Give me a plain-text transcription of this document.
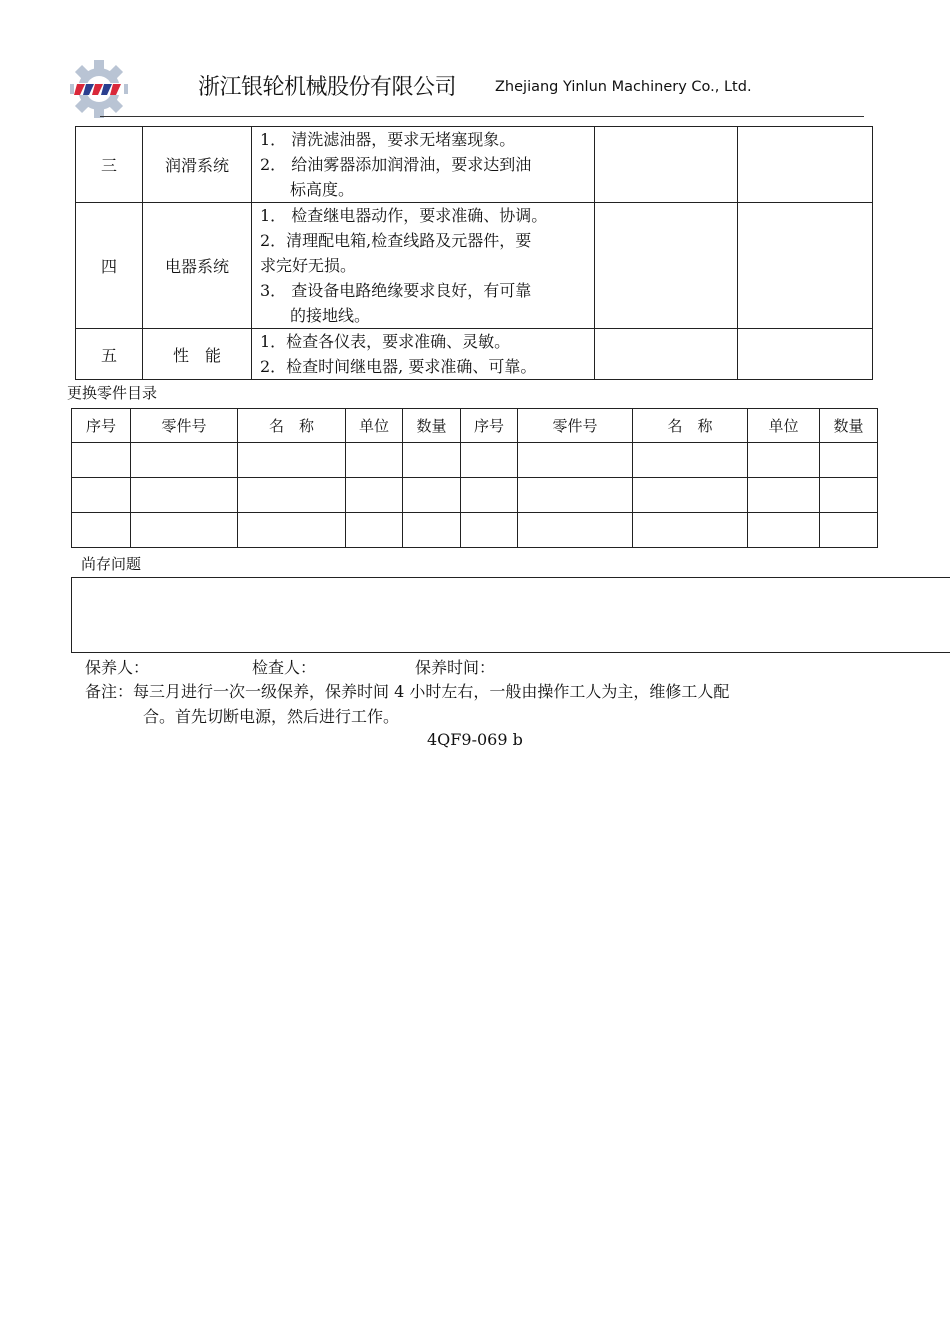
浙江银轮机械股份有限公司	Zhejiang Yinlun Machinery Co., Ltd.
三	润滑系统	1． 清洗滤油器，要求无堵塞现象。
2． 给油雾器添加润滑油，要求达到油
标高度。		

四	电器系统	1． 检查继电器动作，要求准确、协调。
2．清理配电箱,检查线路及元器件，要
求完好无损。
3． 查设备电路绝缘要求良好，有可靠
的接地线。		

五	性　能	1．检查各仪表，要求准确、灵敏。
2．检查时间继电器, 要求准确、可靠。		

更换零件目录
序号	零件号	名　称	单位	数量	序号	零件号	名　称	单位	数量

尚存问题
保养人：	检查人：	保养时间：
备注：每三月进行一次一级保养，保养时间 4 小时左右，一般由操作工人为主，维修工人配
合。首先切断电源，然后进行工作。
4QF9-069 b
